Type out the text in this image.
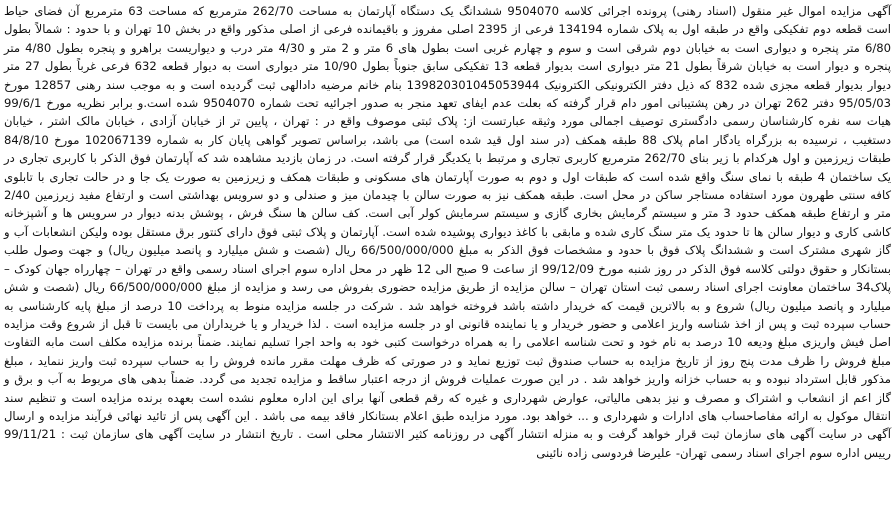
آگهی مزایده اموال غیر منقول (اسناد رهنی) پرونده اجرائی کلاسه 9504070 ششدانگ یک دستگاه آپارتمان به مساحت 262/70 مترمربع که مساحت 63 مترمربع آن فضای حیاط است قطعه دوم تفکیکی واقع در طبقه اول به پلاک شماره 134194 فرعی از 2395 اصلی مفروز و باقیمانده فرعی از اصلی مذکور واقع در بخش 10 تهران و با حدود : شمالاً بطول 6/80 متر پنجره و دیواری است به خیابان دوم شرقی است و سوم و چهارم غربی است بطول های 6 متر و 2 متر و 4/30 متر درب و دیواریست براهرو و پنجره بطول 4/80 متر پنجره و دیوار است به خیابان شرقاً بطول 21 متر دیواری است بدیوار قطعه 13 تفکیکی سابق جنوباً بطول 10/90 متر دیواری است به دیوار قطعه 632 فرعی غرباً بطول 27 متر دیوار بدیوار قطعه مجزی شده 832 که ذیل دفتر الکترونیکی الکترونیک 139820301045053944 بنام خانم مرضیه دادالهی ثبت گردیده است و به موجب سند رهنی 12857 مورخ 95/05/03 دفتر 262 تهران در رهن پشتیبانی امور دام قرار گرفته که بعلت عدم ایفای تعهد منجر به صدور اجرائیه تحت شماره 9504070 شده است.و برابر نظریه مورخ 99/6/1 هیات سه نفره کارشناسان رسمی دادگستری توصیف اجمالی مورد وثیقه عبارتست از: پلاک ثبتی موصوف واقع در : تهران ، پایین تر از خیابان آزادی ، خیابان مالک اشتر ، خیابان دستغیب ، نرسیده به بزرگراه یادگار امام پلاک 88 طبقه همکف (در سند اول قید شده است) می باشد، براساس تصویر گواهی پایان کار به شماره 102067139 مورخ 84/8/10 طبقات زیرزمین و اول هرکدام با زیر بنای 262/70 مترمربع کاربری تجاری و مرتبط با یکدیگر قرار گرفته است. در زمان بازدید مشاهده شد که آپارتمان فوق الذکر با کاربری تجاری در یک ساختمان 4 طبقه با نمای سنگ واقع شده است که طبقات اول و دوم به صورت آپارتمان های مسکونی و طبقات همکف و زیرزمین به صورت یک جا و در حالت تجاری با تابلوی کافه سنتی طهرون مورد استفاده مستاجر ساکن در محل است. طبقه همکف نیز به صورت سالن با چیدمان میز و صندلی و دو سرویس بهداشتی است و ارتفاع مفید زیرزمین 2/40 متر و ارتفاع طبقه همکف حدود 3 متر و سیستم گرمایش بخاری گازی و سیستم سرمایش کولر آبی است. کف سالن ها سنگ فرش ، پوشش بدنه دیوار در سرویس ها و آشپزخانه کاشی کاری و دیوار سالن ها تا حدود یک متر سنگ کاری شده و مابقی با کاغذ دیواری پوشیده شده است. آپارتمان و پلاک ثبتی فوق دارای کنتور برق مستقل بوده ولیکن انشعابات آب و گاز شهری مشترک است و ششدانگ پلاک فوق با حدود و مشخصات فوق الذکر به مبلغ 66/500/000/000 ریال (شصت و شش میلیارد و پانصد میلیون ریال) و جهت وصول طلب بستانکار و حقوق دولتی کلاسه فوق الذکر در روز شنبه مورخ 99/12/09 از ساعت 9 صبح الی 12 ظهر در محل اداره سوم اجرای اسناد رسمی واقع در تهران – چهارراه جهان کودک – پلاک34 ساختمان معاونت اجرای اسناد رسمی ثبت استان تهران – سالن مزایده از طریق مزایده حضوری بفروش می رسد و مزایده از مبلغ 66/500/000/000 ریال (شصت و شش میلیارد و پانصد میلیون ریال) شروع و به بالاترین قیمت که خریدار داشته باشد فروخته خواهد شد . شرکت در جلسه مزایده منوط به پرداخت 10 درصد از مبلغ پایه کارشناسی به حساب سپرده ثبت و پس از اخذ شناسه واریز اعلامی و حضور خریدار و یا نماینده قانونی او در جلسه مزایده است . لذا خریدار و یا خریداران می بایست تا قبل از شروع وقت مزایده اصل فیش واریزی مبلغ ودیعه 10 درصد به نام خود و تحت شناسه اعلامی را به همراه درخواست کتبی خود به واحد اجرا تسلیم نمایند. ضمناً برنده مزایده مکلف است مابه التفاوت مبلغ فروش را ظرف مدت پنج روز از تاریخ مزایده به حساب صندوق ثبت توزیع نماید و در صورتی که ظرف مهلت مقرر مانده فروش را به حساب سپرده ثبت واریز ننماید ، مبلغ مذکور قابل استرداد نبوده و به حساب خزانه واریز خواهد شد . در این صورت عملیات فروش از درجه اعتبار ساقط و مزایده تجدید می گردد. ضمناً بدهی های مربوط به آب و برق و گاز اعم از انشعاب و اشتراک و مصرف و نیز بدهی مالیاتی، عوارض شهرداری و غیره که رقم قطعی آنها برای این اداره معلوم نشده است بعهده برنده مزایده است و تنظیم سند انتقال موکول به ارائه مفاصاحساب های ادارات و شهرداری و ... خواهد بود. مورد مزایده طبق اعلام بستانکار فاقد بیمه می باشد . این آگهی پس از تائید نهائی فرآیند مزایده و ارسال آگهی در سایت آگهی های سازمان ثبت قرار خواهد گرفت و به منزله انتشار آگهی در روزنامه کثیر الانتشار محلی است . تاریخ انتشار در سایت آگهی های سازمان ثبت : 99/11/21 رییس اداره سوم اجرای اسناد رسمی تهران- علیرضا فردوسی زاده نائینی
